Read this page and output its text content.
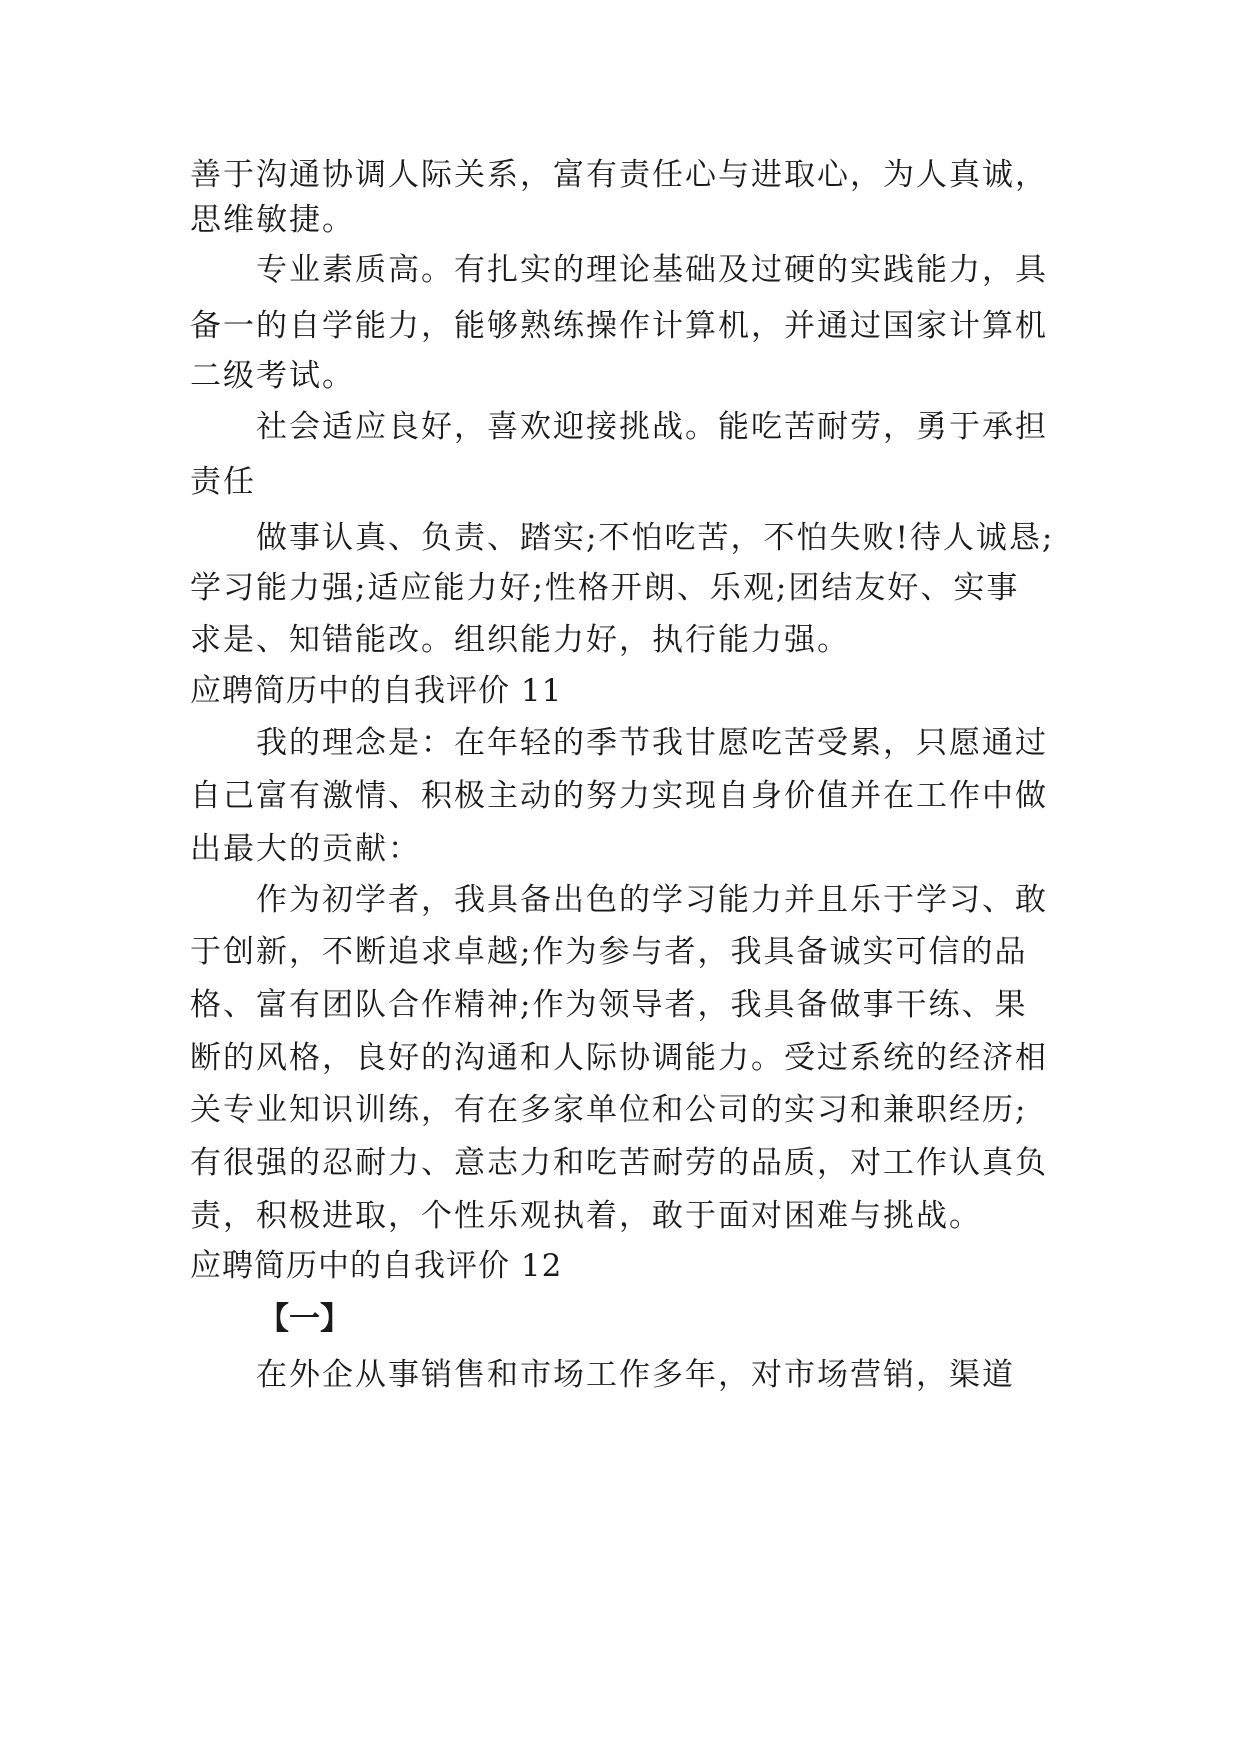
善于沟通协调人际关系，富有责任心与进取心，为人真诚，
思维敏捷。
专业素质高。有扎实的理论基础及过硬的实践能力，具
备一的自学能力，能够熟练操作计算机，并通过国家计算机
二级考试。
社会适应良好，喜欢迎接挑战。能吃苦耐劳，勇于承担
责任
做事认真、负责、踏实;不怕吃苦，不怕失败!待人诚恳;
学习能力强;适应能力好;性格开朗、乐观;团结友好、实事
求是、知错能改。组织能力好，执行能力强。
应聘简历中的自我评价 11
我的理念是：在年轻的季节我甘愿吃苦受累，只愿通过
自己富有激情、积极主动的努力实现自身价值并在工作中做
出最大的贡献：
作为初学者，我具备出色的学习能力并且乐于学习、敢
于创新，不断追求卓越;作为参与者，我具备诚实可信的品
格、富有团队合作精神;作为领导者，我具备做事干练、果
断的风格，良好的沟通和人际协调能力。受过系统的经济相
关专业知识训练，有在多家单位和公司的实习和兼职经历;
有很强的忍耐力、意志力和吃苦耐劳的品质，对工作认真负
责，积极进取，个性乐观执着，敢于面对困难与挑战。
应聘简历中的自我评价 12
【一】
在外企从事销售和市场工作多年，对市场营销，渠道
